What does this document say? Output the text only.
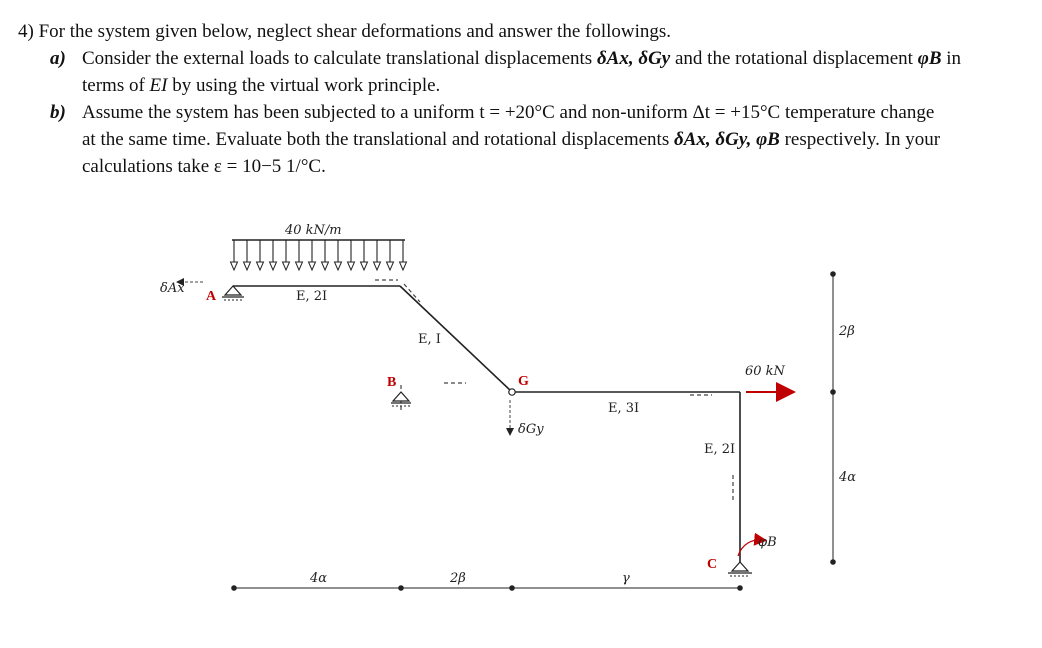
4) For the system given below, neglect shear deformations and answer the followings.
a) Consider the external loads to calculate translational displacements δAx, δGy and the rotational displacement φB in
terms of EI by using the virtual work principle.
b) Assume the system has been subjected to a uniform t = +20°C and non-uniform Δt = +15°C temperature change
at the same time. Evaluate both the translational and rotational displacements δAx, δGy, φB respectively. In your
calculations take ε = 10−5 1/°C.
40 kN/m
A
B	G
C
E, 2I
E, I
E, 3I
E, 2I
δAx
δGy
φB
60 kN
4α	2β	γ
2β
4α
